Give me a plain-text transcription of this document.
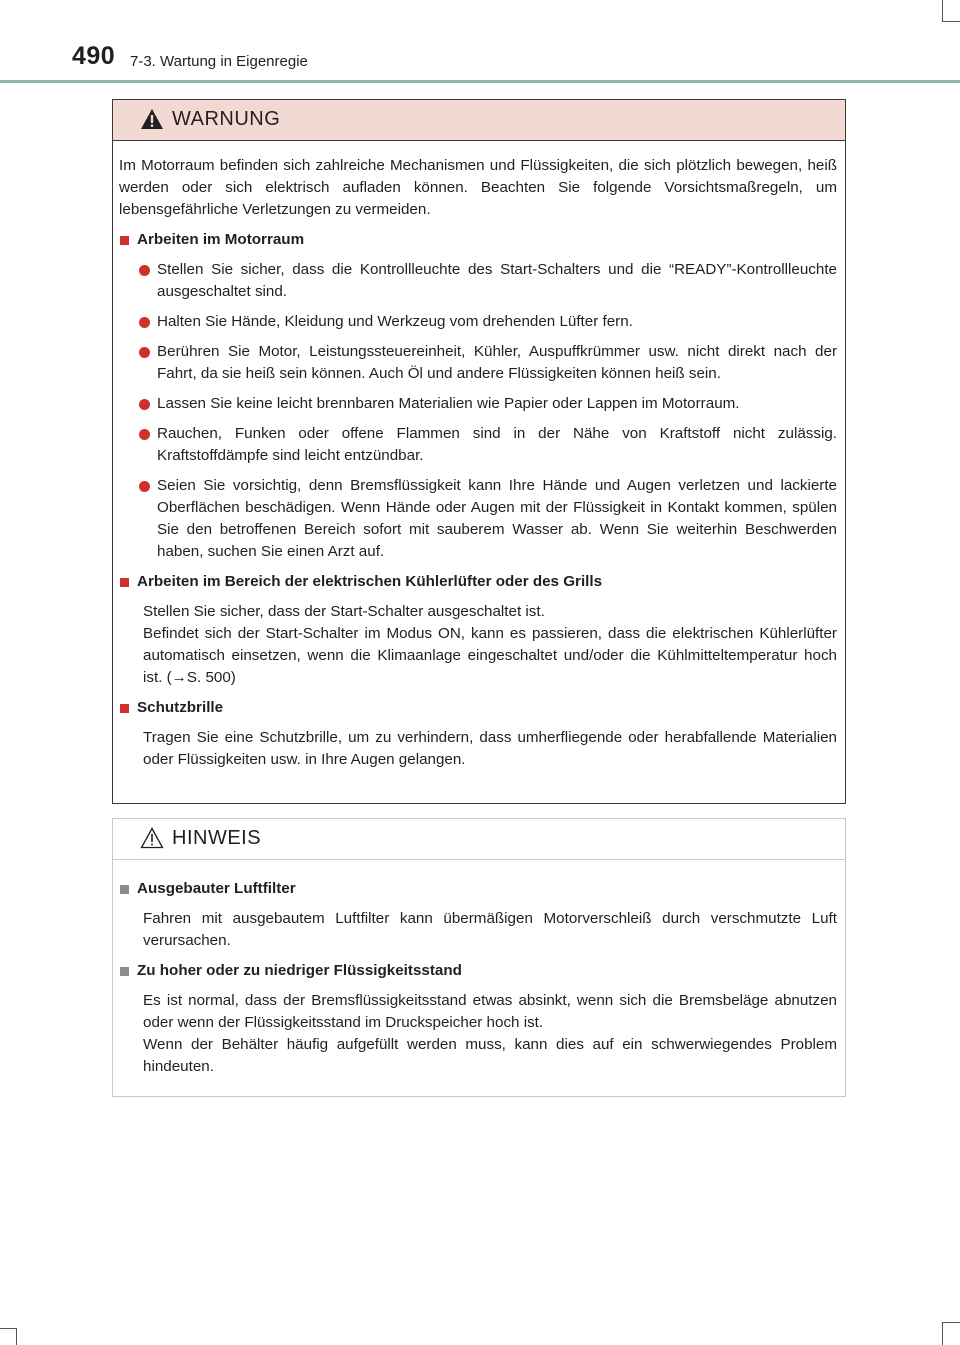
490 7-3. Wartung in Eigenregie
WARNUNG

Im Motorraum befinden sich zahlreiche Mechanismen und Flüssigkeiten, die sich plötzlich bewegen, heiß werden oder sich elektrisch aufladen können. Beachten Sie folgende Vorsichtsmaßregeln, um lebensgefährliche Verletzungen zu vermeiden.

Arbeiten im Motorraum

Stellen Sie sicher, dass die Kontrollleuchte des Start-Schalters und die “READY”-Kontrollleuchte ausgeschaltet sind.

Halten Sie Hände, Kleidung und Werkzeug vom drehenden Lüfter fern.

Berühren Sie Motor, Leistungssteuereinheit, Kühler, Auspuffkrümmer usw. nicht direkt nach der Fahrt, da sie heiß sein können. Auch Öl und andere Flüssigkeiten können heiß sein.

Lassen Sie keine leicht brennbaren Materialien wie Papier oder Lappen im Motorraum.

Rauchen, Funken oder offene Flammen sind in der Nähe von Kraftstoff nicht zulässig. Kraftstoffdämpfe sind leicht entzündbar.

Seien Sie vorsichtig, denn Bremsflüssigkeit kann Ihre Hände und Augen verletzen und lackierte Oberflächen beschädigen. Wenn Hände oder Augen mit der Flüssigkeit in Kontakt kommen, spülen Sie den betroffenen Bereich sofort mit sauberem Wasser ab. Wenn Sie weiterhin Beschwerden haben, suchen Sie einen Arzt auf.

Arbeiten im Bereich der elektrischen Kühlerlüfter oder des Grills

Stellen Sie sicher, dass der Start-Schalter ausgeschaltet ist.

Befindet sich der Start-Schalter im Modus ON, kann es passieren, dass die elektrischen Kühlerlüfter automatisch einsetzen, wenn die Klimaanlage eingeschaltet und/oder die Kühlmitteltemperatur hoch ist. (→S. 500)

Schutzbrille

Tragen Sie eine Schutzbrille, um zu verhindern, dass umherfliegende oder herabfallende Materialien oder Flüssigkeiten usw. in Ihre Augen gelangen.

HINWEIS
Ausgebauter Luftfilter

Fahren mit ausgebautem Luftfilter kann übermäßigen Motorverschleiß durch verschmutzte Luft verursachen.

Zu hoher oder zu niedriger Flüssigkeitsstand

Es ist normal, dass der Bremsflüssigkeitsstand etwas absinkt, wenn sich die Bremsbeläge abnutzen oder wenn der Flüssigkeitsstand im Druckspeicher hoch ist.

Wenn der Behälter häufig aufgefüllt werden muss, kann dies auf ein schwerwiegendes Problem hindeuten.
